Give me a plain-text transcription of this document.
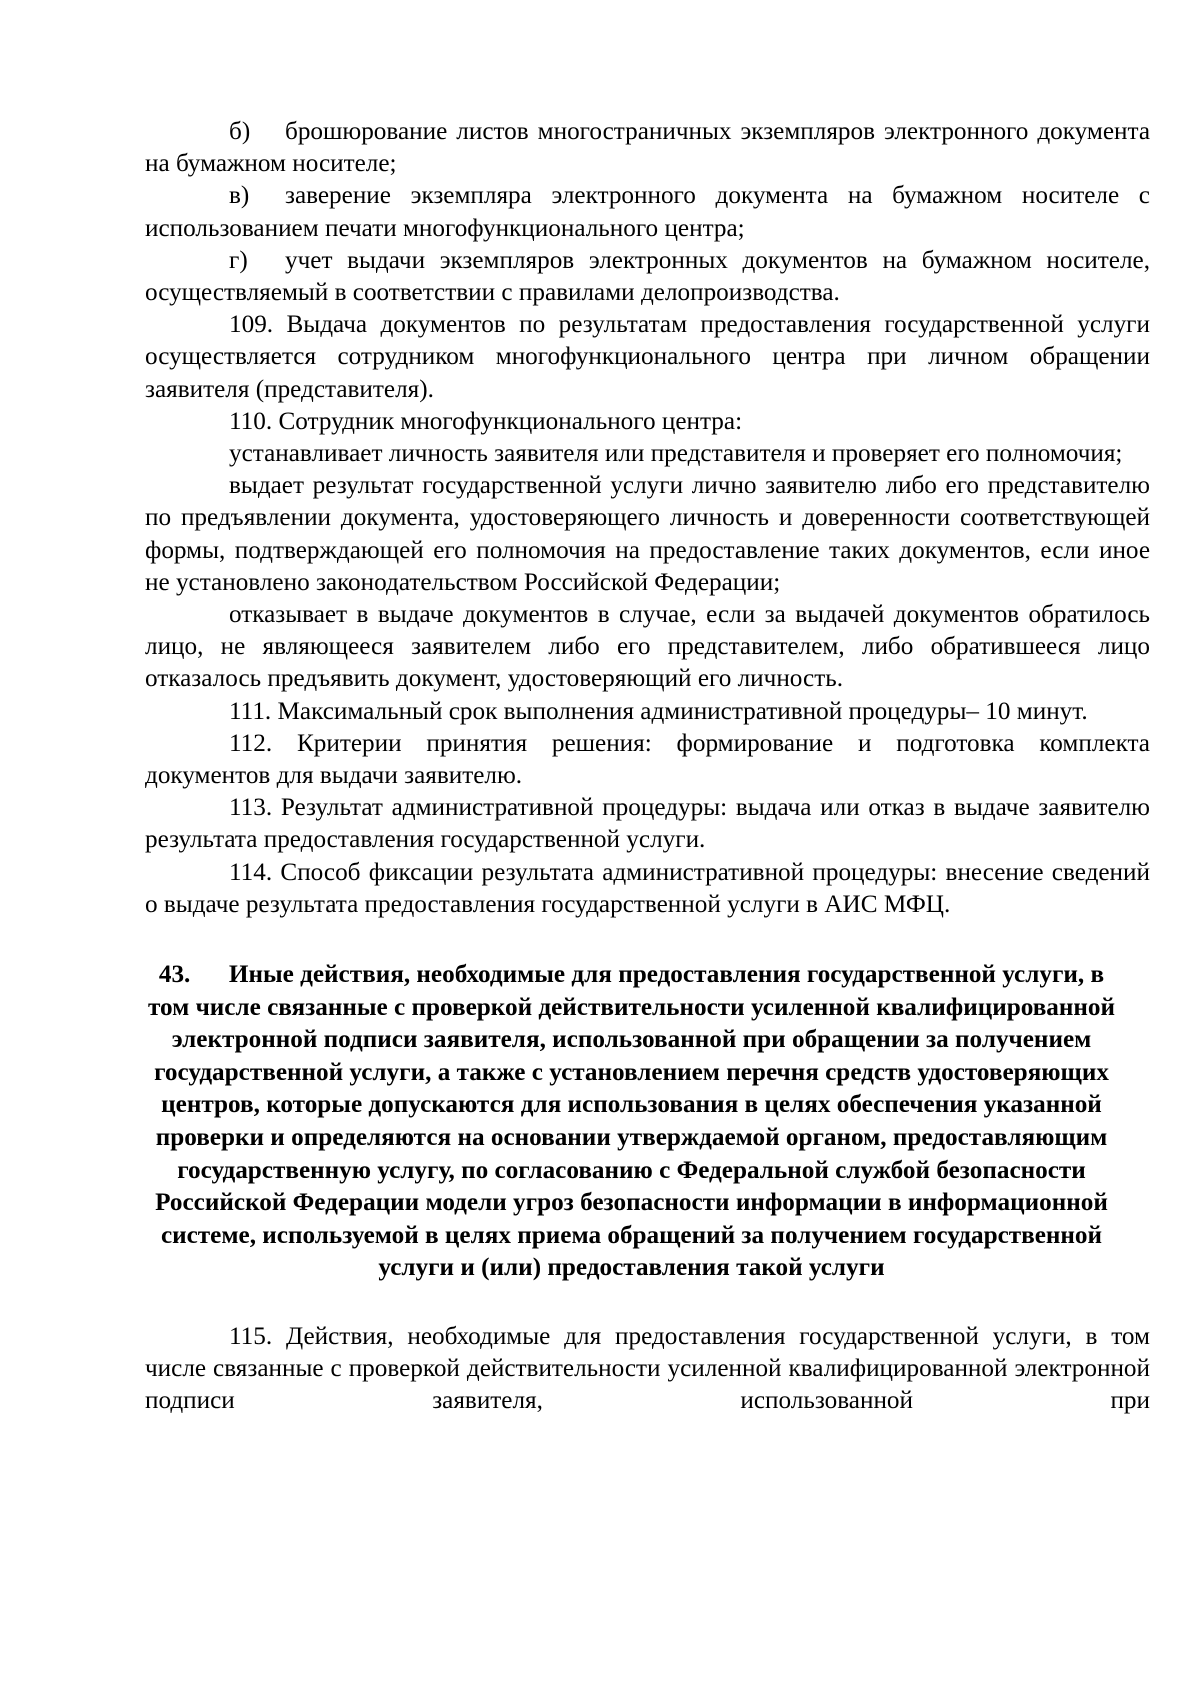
б) брошюрование листов многостраничных экземпляров электронного документа на бумажном носителе;

в) заверение экземпляра электронного документа на бумажном носителе с использованием печати многофункционального центра;

г) учет выдачи экземпляров электронных документов на бумажном носителе, осуществляемый в соответствии с правилами делопроизводства.

109. Выдача документов по результатам предоставления государственной услуги осуществляется сотрудником многофункционального центра при личном обращении заявителя (представителя).

110. Сотрудник многофункционального центра:

устанавливает личность заявителя или представителя и проверяет его полномочия;

выдает результат государственной услуги лично заявителю либо его представителю по предъявлении документа, удостоверяющего личность и доверенности соответствующей формы, подтверждающей его полномочия на предоставление таких документов, если иное не установлено законодательством Российской Федерации;

отказывает в выдаче документов в случае, если за выдачей документов обратилось лицо, не являющееся заявителем либо его представителем, либо обратившееся лицо отказалось предъявить документ, удостоверяющий его личность.

111. Максимальный срок выполнения административной процедуры– 10 минут.

112. Критерии принятия решения: формирование и подготовка комплекта документов для выдачи заявителю.

113. Результат административной процедуры: выдача или отказ в выдаче заявителю результата предоставления государственной услуги.

114. Способ фиксации результата административной процедуры: внесение сведений о выдаче результата предоставления государственной услуги в АИС МФЦ.

43. Иные действия, необходимые для предоставления государственной услуги, в том числе связанные с проверкой действительности усиленной квалифицированной электронной подписи заявителя, использованной при обращении за получением государственной услуги, а также с установлением перечня средств удостоверяющих центров, которые допускаются для использования в целях обеспечения указанной проверки и определяются на основании утверждаемой органом, предоставляющим государственную услугу, по согласованию с Федеральной службой безопасности Российской Федерации модели угроз безопасности информации в информационной системе, используемой в целях приема обращений за получением государственной услуги и (или) предоставления такой услуги

115. Действия, необходимые для предоставления государственной услуги, в том числе связанные с проверкой действительности усиленной квалифицированной электронной подписи заявителя, использованной при
